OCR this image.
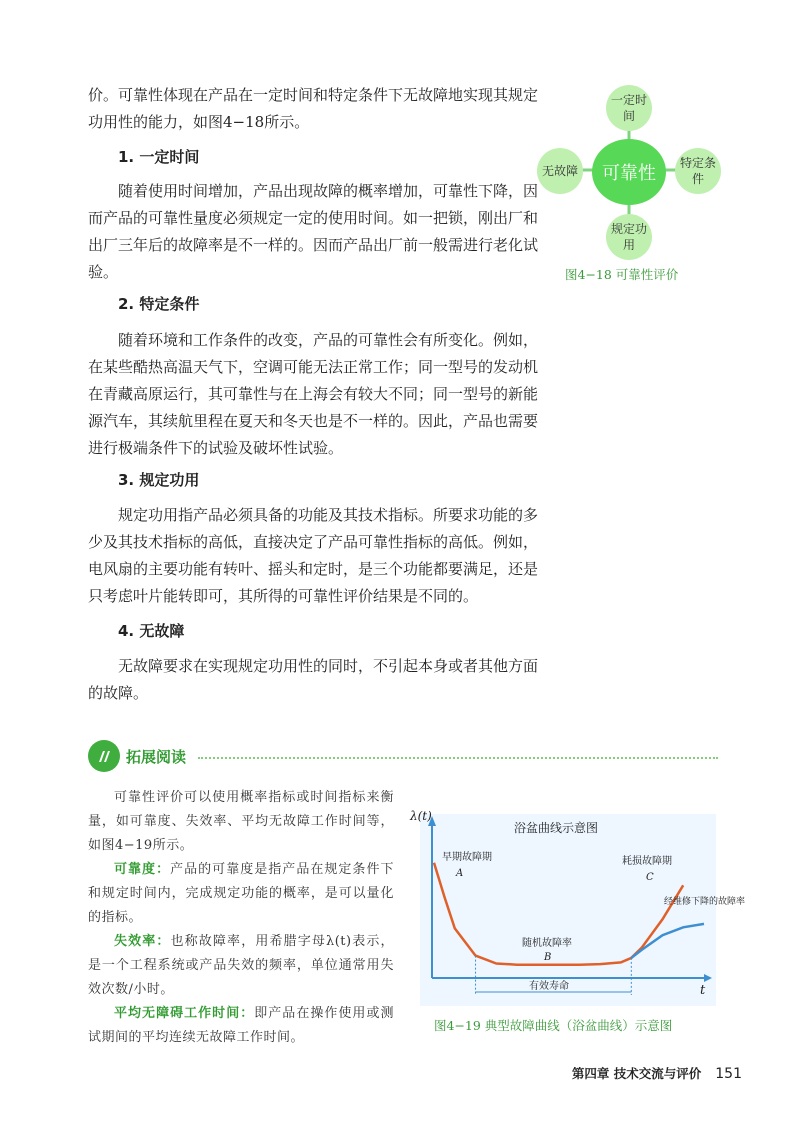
价。可靠性体现在产品在一定时间和特定条件下无故障地实现其规定功用性的能力，如图4−18所示。

1. 一定时间

随着使用时间增加，产品出现故障的概率增加，可靠性下降，因而产品的可靠性量度必须规定一定的使用时间。如一把锁，刚出厂和出厂三年后的故障率是不一样的。因而产品出厂前一般需进行老化试验。

2. 特定条件

随着环境和工作条件的改变，产品的可靠性会有所变化。例如，在某些酷热高温天气下，空调可能无法正常工作；同一型号的发动机在青藏高原运行，其可靠性与在上海会有较大不同；同一型号的新能源汽车，其续航里程在夏天和冬天也是不一样的。因此，产品也需要进行极端条件下的试验及破坏性试验。

3. 规定功用

规定功用指产品必须具备的功能及其技术指标。所要求功能的多少及其技术指标的高低，直接决定了产品可靠性指标的高低。例如，电风扇的主要功能有转叶、摇头和定时，是三个功能都要满足，还是只考虑叶片能转即可，其所得的可靠性评价结果是不同的。

4. 无故障

无故障要求在实现规定功用性的同时，不引起本身或者其他方面的故障。

一定时间
无故障
特定条件
规定功用
可靠性
图4−18 可靠性评价
拓展阅读

可靠性评价可以使用概率指标或时间指标来衡量，如可靠度、失效率、平均无故障工作时间等，如图4−19所示。

可靠度：产品的可靠度是指产品在规定条件下和规定时间内，完成规定功能的概率，是可以量化的指标。

失效率：也称故障率，用希腊字母λ(t)表示，是一个工程系统或产品失效的频率，单位通常用失效次数/小时。

平均无障碍工作时间：即产品在操作使用或测试期间的平均连续无故障工作时间。

λ(t)
t
浴盆曲线示意图
早期故障期
A
随机故障率
B
耗损故障期
C
经维修下降的故障率
有效寿命
图4−19 典型故障曲线（浴盆曲线）示意图
第四章 技术交流与评价 151
